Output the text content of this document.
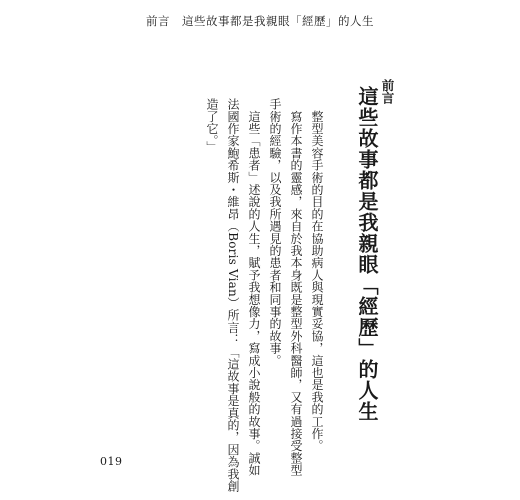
前言 這些故事都是我親眼「經歷」的人生
前言
這些故事都是我親眼「經歷」的人生
　整型美容手術的目的在協助病人與現實妥協，這也是我的工作。
　寫作本書的靈感，來自於我本身既是整型外科醫師，又有過接受整型
手術的經驗，以及我所遇見的患者和同事的故事。
　這些「患者」述說的人生，賦予我想像力，寫成小說般的故事。誠如
法國作家鮑希斯・維昂（Boris Vian）所言：「這故事是真的，因為我創
造了它。」
019
